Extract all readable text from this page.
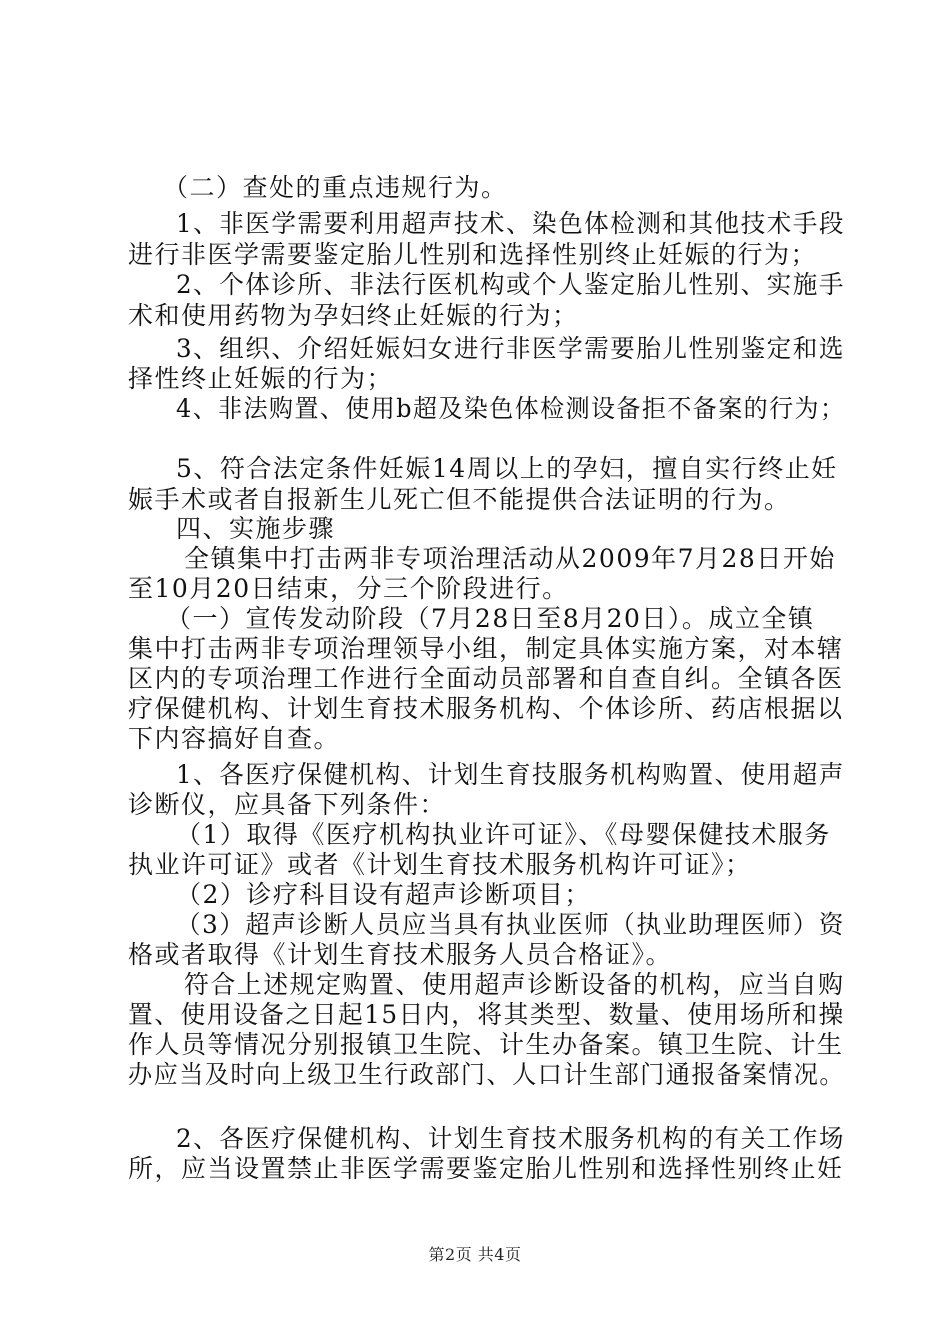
（二）查处的重点违规行为。
1、非医学需要利用超声技术、染色体检测和其他技术手段
进行非医学需要鉴定胎儿性别和选择性别终止妊娠的行为；
2、个体诊所、非法行医机构或个人鉴定胎儿性别、实施手
术和使用药物为孕妇终止妊娠的行为；
3、组织、介绍妊娠妇女进行非医学需要胎儿性别鉴定和选
择性终止妊娠的行为；
4、非法购置、使用b超及染色体检测设备拒不备案的行为；
5、符合法定条件妊娠14周以上的孕妇，擅自实行终止妊
娠手术或者自报新生儿死亡但不能提供合法证明的行为。
四、实施步骤
全镇集中打击两非专项治理活动从2009年7月28日开始
至10月20日结束，分三个阶段进行。
（一）宣传发动阶段（7月28日至8月20日）。成立全镇
集中打击两非专项治理领导小组，制定具体实施方案，对本辖
区内的专项治理工作进行全面动员部署和自查自纠。全镇各医
疗保健机构、计划生育技术服务机构、个体诊所、药店根据以
下内容搞好自查。
1、各医疗保健机构、计划生育技服务机构购置、使用超声
诊断仪，应具备下列条件：
（1）取得《医疗机构执业许可证》、《母婴保健技术服务
执业许可证》或者《计划生育技术服务机构许可证》；
（2）诊疗科目设有超声诊断项目；
（3）超声诊断人员应当具有执业医师（执业助理医师）资
格或者取得《计划生育技术服务人员合格证》。
符合上述规定购置、使用超声诊断设备的机构，应当自购
置、使用设备之日起15日内，将其类型、数量、使用场所和操
作人员等情况分别报镇卫生院、计生办备案。镇卫生院、计生
办应当及时向上级卫生行政部门、人口计生部门通报备案情况。
2、各医疗保健机构、计划生育技术服务机构的有关工作场
所，应当设置禁止非医学需要鉴定胎儿性别和选择性别终止妊
第2页 共4页
